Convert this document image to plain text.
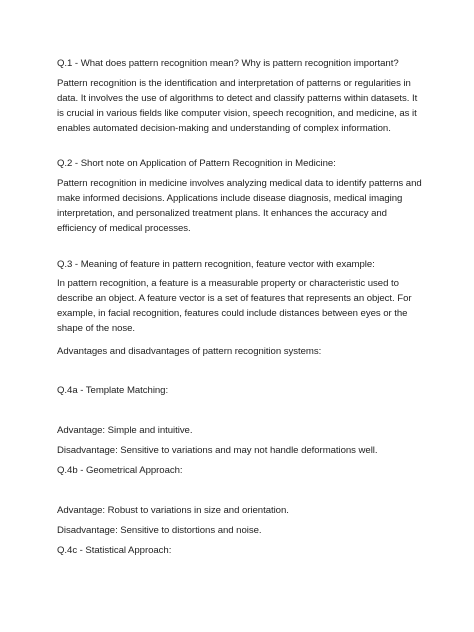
Q.1 - What does pattern recognition mean? Why is pattern recognition important?
Pattern recognition is the identification and interpretation of patterns or regularities in data. It involves the use of algorithms to detect and classify patterns within datasets. It is crucial in various fields like computer vision, speech recognition, and medicine, as it enables automated decision-making and understanding of complex information.
Q.2 - Short note on Application of Pattern Recognition in Medicine:
Pattern recognition in medicine involves analyzing medical data to identify patterns and make informed decisions. Applications include disease diagnosis, medical imaging interpretation, and personalized treatment plans. It enhances the accuracy and efficiency of medical processes.
Q.3 - Meaning of feature in pattern recognition, feature vector with example:
In pattern recognition, a feature is a measurable property or characteristic used to describe an object. A feature vector is a set of features that represents an object. For example, in facial recognition, features could include distances between eyes or the shape of the nose.
Advantages and disadvantages of pattern recognition systems:
Q.4a - Template Matching:
Advantage: Simple and intuitive.
Disadvantage: Sensitive to variations and may not handle deformations well.
Q.4b - Geometrical Approach:
Advantage: Robust to variations in size and orientation.
Disadvantage: Sensitive to distortions and noise.
Q.4c - Statistical Approach:
